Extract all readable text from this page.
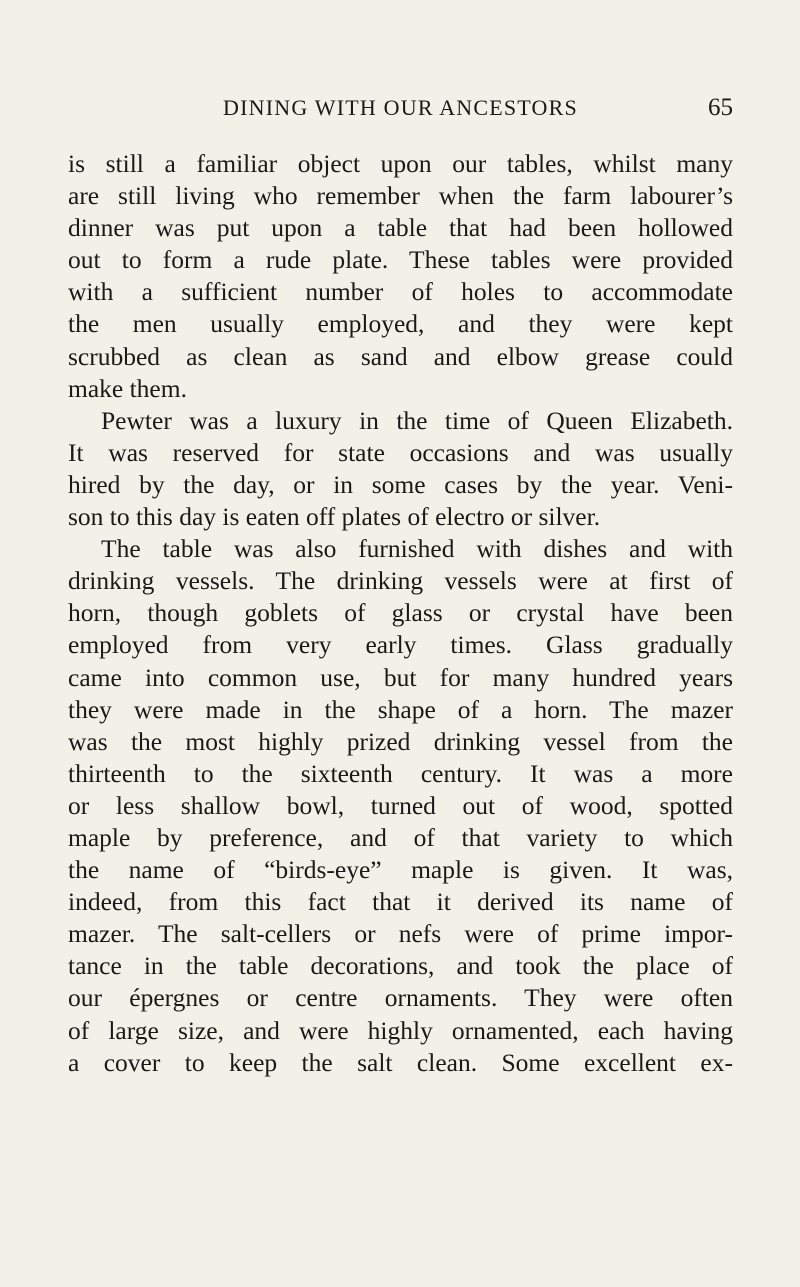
DINING WITH OUR ANCESTORS	65
is still a familiar object upon our tables, whilst many
are still living who remember when the farm labourer’s
dinner was put upon a table that had been hollowed
out to form a rude plate. These tables were provided
with a sufficient number of holes to accommodate
the men usually employed, and they were kept
scrubbed as clean as sand and elbow grease could
make them.
Pewter was a luxury in the time of Queen Elizabeth.
It was reserved for state occasions and was usually
hired by the day, or in some cases by the year. Veni-
son to this day is eaten off plates of electro or silver.
The table was also furnished with dishes and with
drinking vessels. The drinking vessels were at first of
horn, though goblets of glass or crystal have been
employed from very early times. Glass gradually
came into common use, but for many hundred years
they were made in the shape of a horn. The mazer
was the most highly prized drinking vessel from the
thirteenth to the sixteenth century. It was a more
or less shallow bowl, turned out of wood, spotted
maple by preference, and of that variety to which
the name of “birds-eye” maple is given. It was,
indeed, from this fact that it derived its name of
mazer. The salt-cellers or nefs were of prime impor-
tance in the table decorations, and took the place of
our épergnes or centre ornaments. They were often
of large size, and were highly ornamented, each having
a cover to keep the salt clean. Some excellent ex-
